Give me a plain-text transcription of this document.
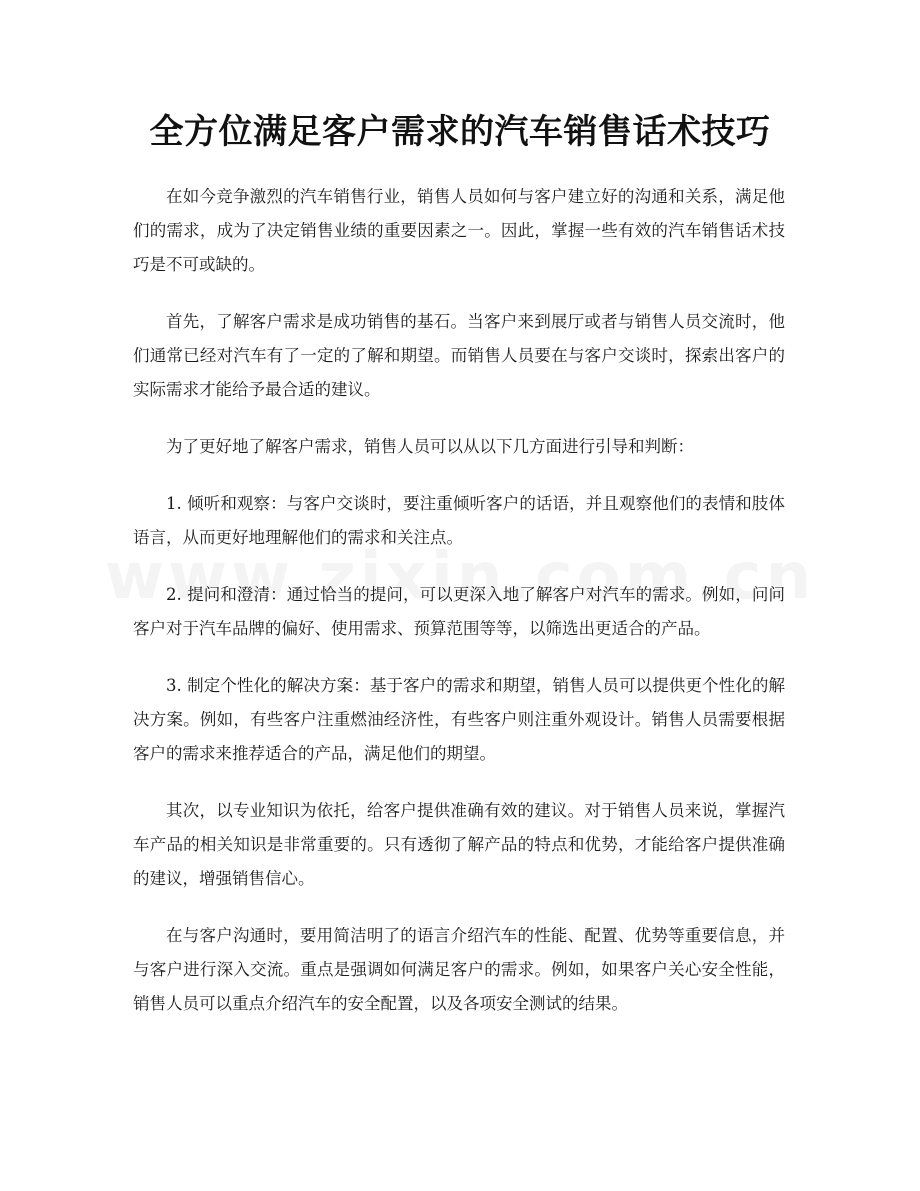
全方位满足客户需求的汽车销售话术技巧

在如今竞争激烈的汽车销售行业，销售人员如何与客户建立好的沟通和关系，满足他们的需求，成为了决定销售业绩的重要因素之一。因此，掌握一些有效的汽车销售话术技巧是不可或缺的。

首先，了解客户需求是成功销售的基石。当客户来到展厅或者与销售人员交流时，他们通常已经对汽车有了一定的了解和期望。而销售人员要在与客户交谈时，探索出客户的实际需求才能给予最合适的建议。

为了更好地了解客户需求，销售人员可以从以下几方面进行引导和判断：

1. 倾听和观察：与客户交谈时，要注重倾听客户的话语，并且观察他们的表情和肢体语言，从而更好地理解他们的需求和关注点。

2. 提问和澄清：通过恰当的提问，可以更深入地了解客户对汽车的需求。例如，问问客户对于汽车品牌的偏好、使用需求、预算范围等等，以筛选出更适合的产品。

3. 制定个性化的解决方案：基于客户的需求和期望，销售人员可以提供更个性化的解决方案。例如，有些客户注重燃油经济性，有些客户则注重外观设计。销售人员需要根据客户的需求来推荐适合的产品，满足他们的期望。

其次，以专业知识为依托，给客户提供准确有效的建议。对于销售人员来说，掌握汽车产品的相关知识是非常重要的。只有透彻了解产品的特点和优势，才能给客户提供准确的建议，增强销售信心。

在与客户沟通时，要用简洁明了的语言介绍汽车的性能、配置、优势等重要信息，并与客户进行深入交流。重点是强调如何满足客户的需求。例如，如果客户关心安全性能，销售人员可以重点介绍汽车的安全配置，以及各项安全测试的结果。
